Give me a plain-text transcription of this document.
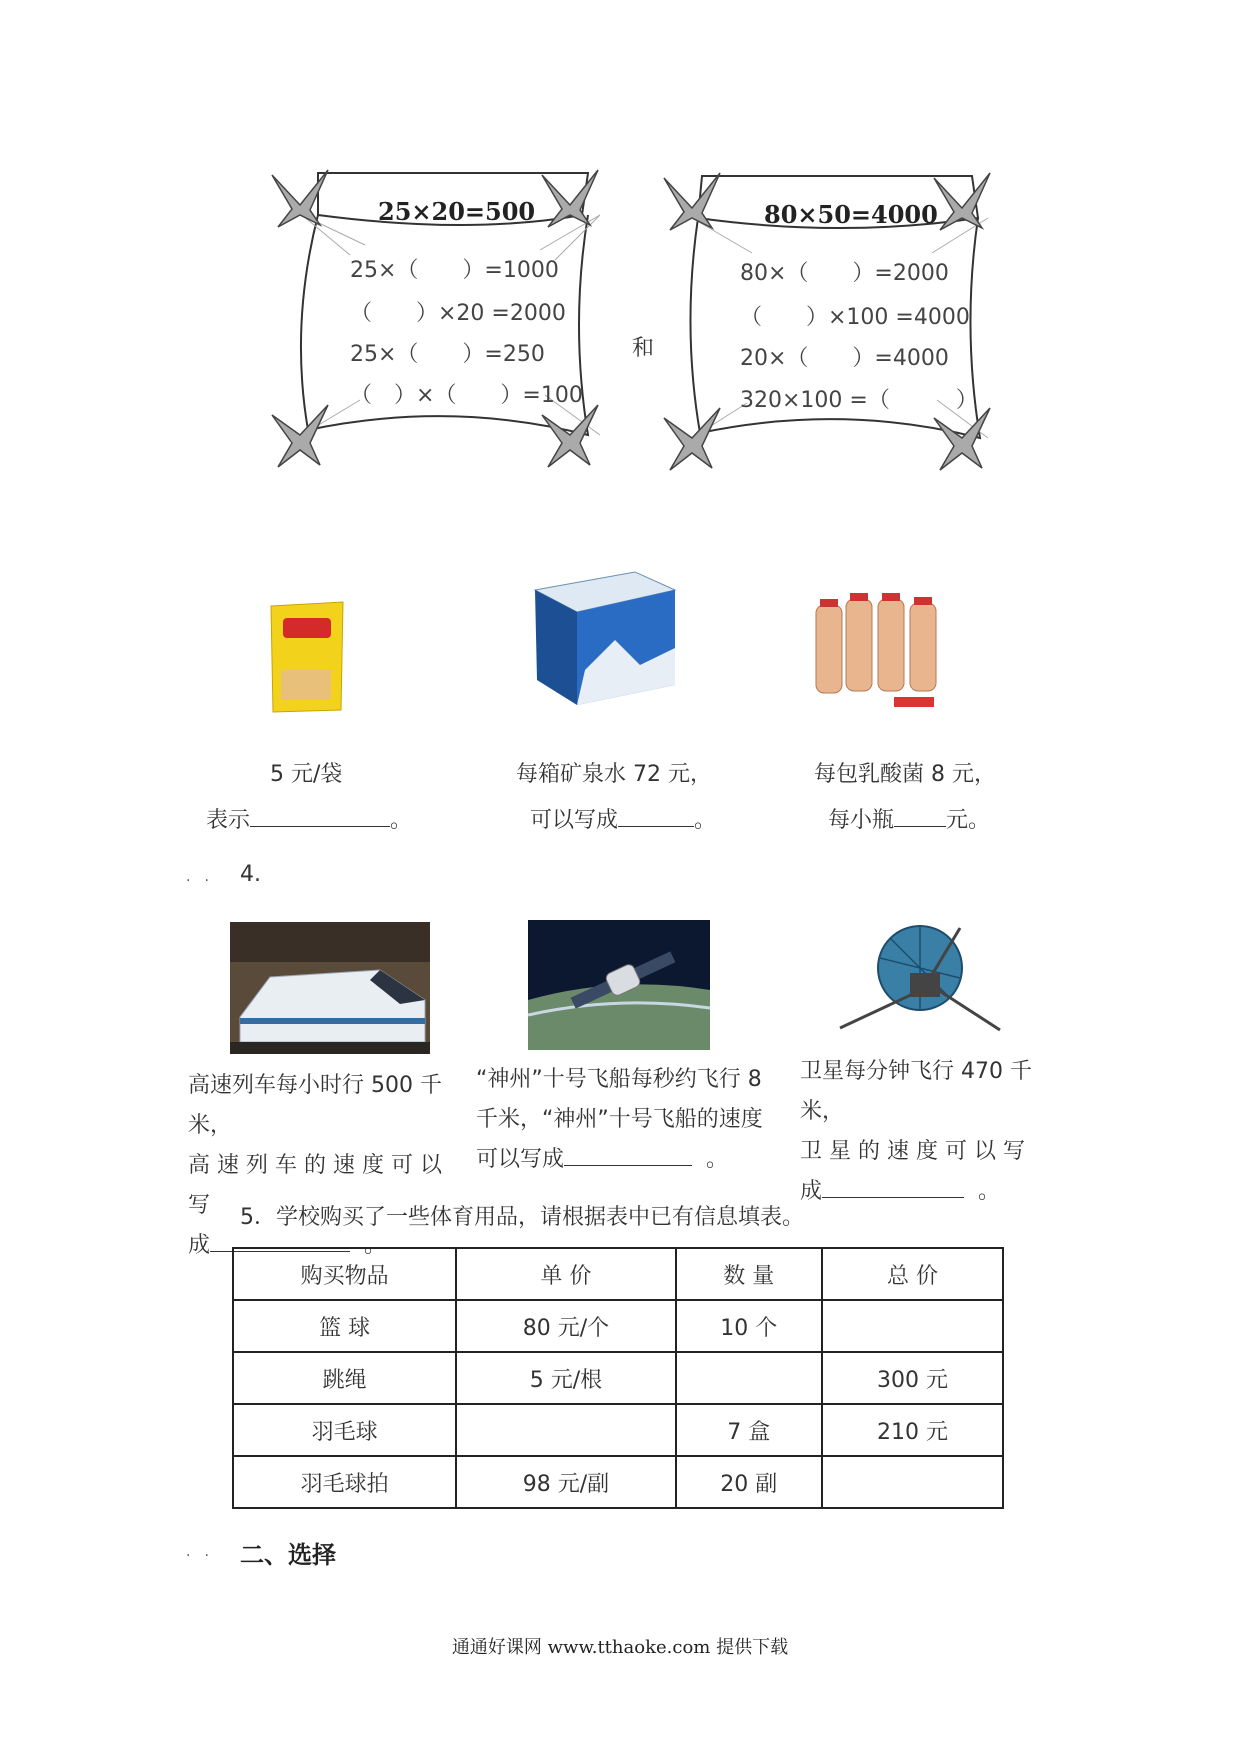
25×20=500
25×（　　）=1000
（　　）×20 =2000
25×（　　）=250
（　）×（　　）=100
和
80×50=4000
80×（　　）=2000
（　　）×100 =4000
20×（　　）=4000
320×100 =（　　　）
5 元/袋
表示	。
每箱矿泉水 72 元，
可以写成	。
每包乳酸菌 8 元，
每小瓶 元。
·　· 4.
高速列车每小时行 500 千米，
高 速 列 车 的 速 度 可 以 写
成	。
“神州”十号飞船每秒约飞行 8
千米，“神州”十号飞船的速度
可以写成	。
卫星每分钟飞行 470 千米，
卫 星 的 速 度 可 以 写
成	。
5．学校购买了一些体育用品，请根据表中已有信息填表。
购买物品	单 价	数 量	总 价
篮 球	80 元/个	10 个	
跳绳	5 元/根		300 元
羽毛球		7 盒	210 元
羽毛球拍	98 元/副	20 副	
·　· 二、选择
通通好课网 www.tthaoke.com 提供下载
